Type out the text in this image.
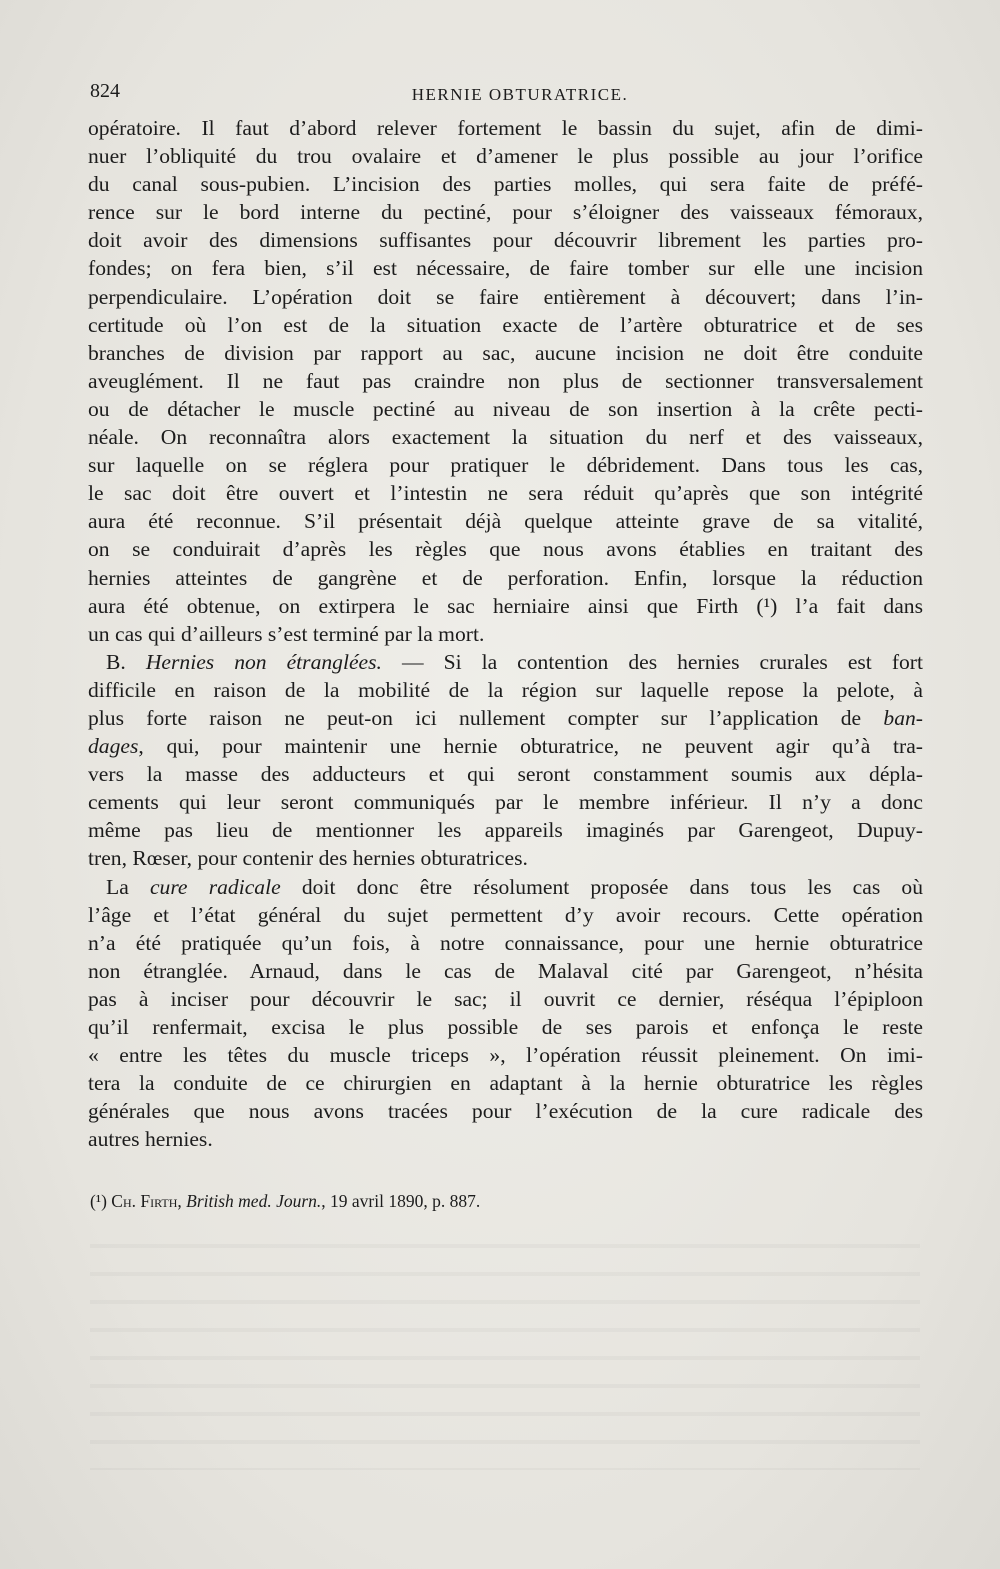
824	HERNIE OBTURATRICE.
opératoire. Il faut d’abord relever fortement le bassin du sujet, afin de dimi-
nuer l’obliquité du trou ovalaire et d’amener le plus possible au jour l’orifice
du canal sous-pubien. L’incision des parties molles, qui sera faite de préfé-
rence sur le bord interne du pectiné, pour s’éloigner des vaisseaux fémoraux,
doit avoir des dimensions suffisantes pour découvrir librement les parties pro-
fondes; on fera bien, s’il est nécessaire, de faire tomber sur elle une incision
perpendiculaire. L’opération doit se faire entièrement à découvert; dans l’in-
certitude où l’on est de la situation exacte de l’artère obturatrice et de ses
branches de division par rapport au sac, aucune incision ne doit être conduite
aveuglément. Il ne faut pas craindre non plus de sectionner transversalement
ou de détacher le muscle pectiné au niveau de son insertion à la crête pecti-
néale. On reconnaîtra alors exactement la situation du nerf et des vaisseaux,
sur laquelle on se réglera pour pratiquer le débridement. Dans tous les cas,
le sac doit être ouvert et l’intestin ne sera réduit qu’après que son intégrité
aura été reconnue. S’il présentait déjà quelque atteinte grave de sa vitalité,
on se conduirait d’après les règles que nous avons établies en traitant des
hernies atteintes de gangrène et de perforation. Enfin, lorsque la réduction
aura été obtenue, on extirpera le sac herniaire ainsi que Firth (¹) l’a fait dans
un cas qui d’ailleurs s’est terminé par la mort.
B. Hernies non étranglées. — Si la contention des hernies crurales est fort
difficile en raison de la mobilité de la région sur laquelle repose la pelote, à
plus forte raison ne peut-on ici nullement compter sur l’application de ban-
dages, qui, pour maintenir une hernie obturatrice, ne peuvent agir qu’à tra-
vers la masse des adducteurs et qui seront constamment soumis aux dépla-
cements qui leur seront communiqués par le membre inférieur. Il n’y a donc
même pas lieu de mentionner les appareils imaginés par Garengeot, Dupuy-
tren, Rœser, pour contenir des hernies obturatrices.
La cure radicale doit donc être résolument proposée dans tous les cas où
l’âge et l’état général du sujet permettent d’y avoir recours. Cette opération
n’a été pratiquée qu’un fois, à notre connaissance, pour une hernie obturatrice
non étranglée. Arnaud, dans le cas de Malaval cité par Garengeot, n’hésita
pas à inciser pour découvrir le sac; il ouvrit ce dernier, réséqua l’épiploon
qu’il renfermait, excisa le plus possible de ses parois et enfonça le reste
« entre les têtes du muscle triceps », l’opération réussit pleinement. On imi-
tera la conduite de ce chirurgien en adaptant à la hernie obturatrice les règles
générales que nous avons tracées pour l’exécution de la cure radicale des
autres hernies.
(¹) Ch. Firth, British med. Journ., 19 avril 1890, p. 887.
